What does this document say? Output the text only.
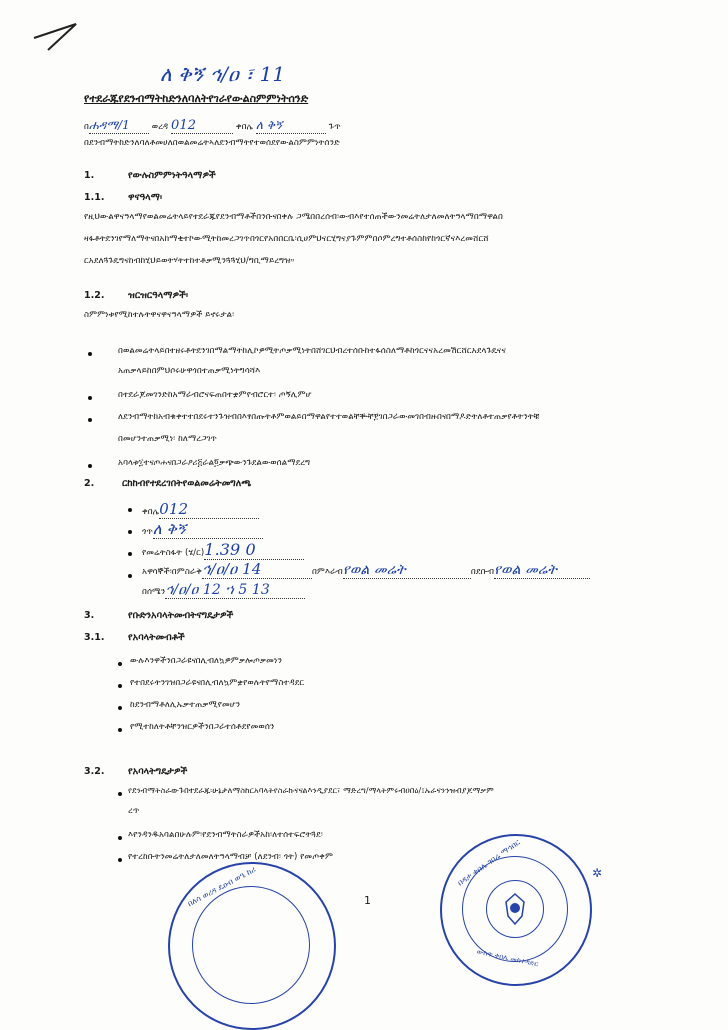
ለ ቅኝ ኅ/ዐ ፣ 11
የተደራጁየደንብማትከድንለባለትየገራየውልስምምነትሰንድ
በሐዳማ/1	ወረዳ 012	ቀበሌ ለ ቅኝ	ጉጥ
በደንብማትከድንለባለቶመሀለበወልመሬትኣለደንብማትየተወሰደየውልስምምነትሰንድ
1.	የውሉስምምነትዓላማዎች
1.1. ዋናዓላማ፡
የዚህውልዋናዓላማየወልመሬትላይየተደራጁየደንብማቶችበንቡናበቀሉ ጋሜበበረሰብ፡ውብእየተሰጠችውንመሬትለታለመለትዓላማበማዋልበ
ዛፋቶትደንገየማለማትናበአከማቂተኮውሚትከመረጋገጥበጎርየአበበርቤ፡ሲሀምህናርሂግናያጉምምበሶምረግተቶሰስከየከጎርኛናእረመሸርሸ
ርአደለጓጉዴግናከብከሂህይወትሃትተከተቶቃሚንጓጓሂህ/ግቢማይረግዝ።
1.2. ዝርዝርዓላማዎች፡
ስምምነቱየሚከተሉትዋናዋናዓላማዎች ይኖሩታል፡
በወልመሬትላይበተዘሩቶትደንገበማልማትከሊኮዎሚትጦቃሚነትበሸገርህብረተሰቡከተፋሰስለማቶከጎርናናአረመሽርሸርአደላጉዴናና
አጠቃላይከበምህሶሩሁዋጎበተጠቃሚነትግሳሻእ
በተደራጆመገንድከአማራብሮናፍጠበተቋምየብሮርተ፡ ጦኝሊምሆ
ለደንብማትከአብቁቀተተበደሩተንጉዝብበእፃበጡትቶምወልይበማዋልየተተወልቸቝቸ፻ገበጋራውመገበብዙበናበማዶድትለቶተጠቃየቶትንትቹ
በመሆንተጠቃሚነ፡ ከለማረጋገጥ
አባላቱ፲ተናጦሐናበጋራዖሪ፭ራል፬ቃጭውንጉደልውወሰልማደረግ
2.	ርከከብየተደረገበትየወልመሬትመግለጫ
ቀበሌ012
ጎጥለ ቅኝ
የመሬትስፋት (ሄ/ር)1.39 0
አዋሳኞች፡በምስራቅኅ/ዐ/ዐ 14	በምእራብየወል መሬት	በደቡብየወል መሬት
በሰሜንኅ/ዐ/ዐ 12 ኀ 5 13
3.	የቡድንአባላትመብትናግዴታዎች
3.1. የአባላትመብቶች
ውሉእንዋችንበጋራዩናበሊብለኳዎምቃሎጦቃመነን
የተበደሩትንገዝበጋራዩናበሊብለኳምቋየወሉትየማስተዳደር
ከደንብማቶለሊኡቃተጠቃሚየመሆን
የሚተከለትቶቸንዝርዎችንበጋራተሰቶደየመወሰን
3.2. የአባላትግዴታዎች
የደንብማትስራውጉበተደራጁ፡ሁኔታለማስከርአባላትየስራኩናናልእንዲያደር፣ ማድረግ/ማላትምሩብዐበዕ/፤ኡራናንንዝብያጆማቃም
ረጥ
እየንዳንዱአባልበሁሉም፡የደንብማትስራዎችአከ፡ለተሰተፍሮትጓደ፡
የተረከቡትንመሬትለታለመለትዓላማብቻ (ለደንብ፡ ጎት) የመጦቀም
1
በለሳ ወረዳ ዴዐብ ወዔ ከሪ	በዳታ ቀበሌ ገበሬ ማኅበር
ውስጥ ቀበሌ መስተዳድር
✲
